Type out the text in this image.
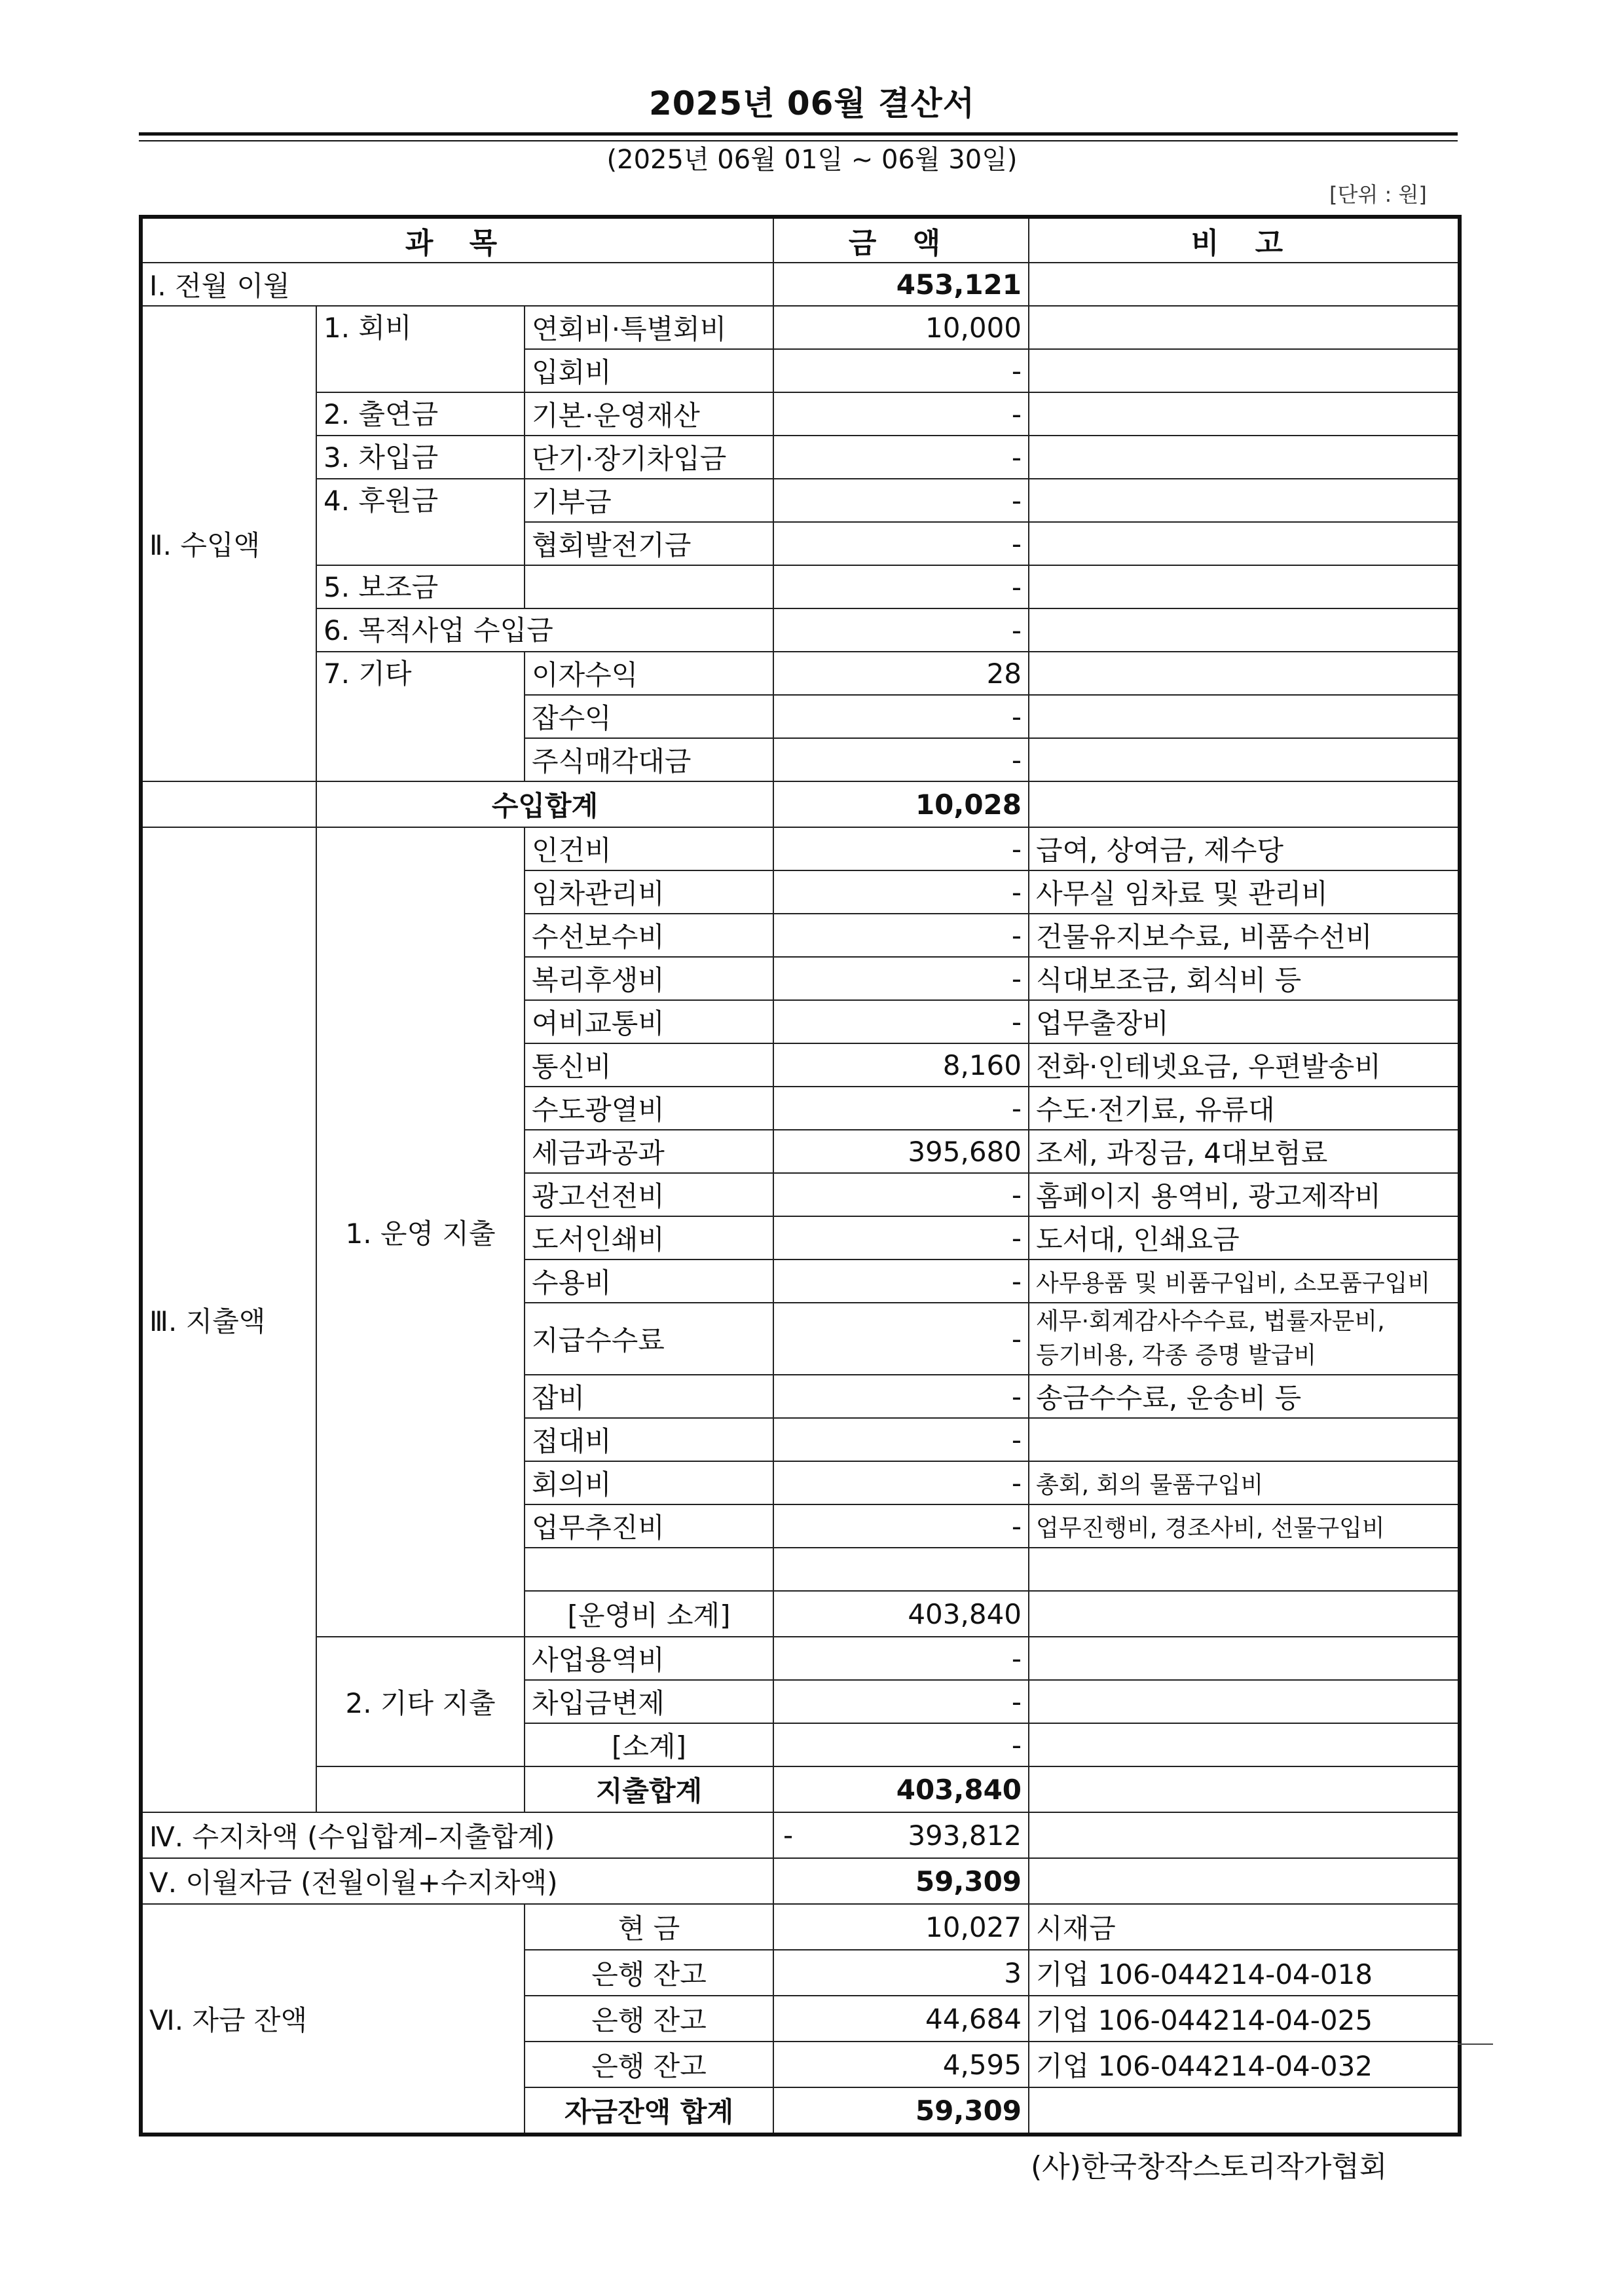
2025년 06월 결산서
(2025년 06월 01일 ~ 06월 30일)
[단위 : 원]
과 목			금 액	비 고
Ⅰ. 전월 이월			453,121	
Ⅱ. 수입액	1. 회비	연회비·특별회비	10,000	
		입회비	-	
	2. 출연금	기본·운영재산	-	
	3. 차입금	단기·장기차입금	-	
	4. 후원금	기부금	-	
		협회발전기금	-	
	5. 보조금		-	
	6. 목적사업 수입금		-	
	7. 기타	이자수익	28	
		잡수익	-	
		주식매각대금	-	
	수입합계		10,028	
Ⅲ. 지출액	1. 운영 지출	인건비	-	급여, 상여금, 제수당
		임차관리비	-	사무실 임차료 및 관리비
		수선보수비	-	건물유지보수료, 비품수선비
		복리후생비	-	식대보조금, 회식비 등
		여비교통비	-	업무출장비
		통신비	8,160	전화·인테넷요금, 우편발송비
		수도광열비	-	수도·전기료, 유류대
		세금과공과	395,680	조세, 과징금, 4대보험료
		광고선전비	-	홈페이지 용역비, 광고제작비
		도서인쇄비	-	도서대, 인쇄요금
		수용비	-	사무용품 및 비품구입비, 소모품구입비
		지급수수료	-	세무·회계감사수수료, 법률자문비,
등기비용, 각종 증명 발급비

		잡비	-	송금수수료, 운송비 등
		접대비	-	
		회의비	-	총회, 회의 물품구입비
		업무추진비	-	업무진행비, 경조사비, 선물구입비

		[운영비 소계]	403,840	
	2. 기타 지출	사업용역비	-	
		차입금변제	-	
		[소계]	-	
		지출합계	403,840	
Ⅳ. 수지차액 (수입합계–지출합계)			- 393,812	
Ⅴ. 이월자금 (전월이월+수지차액)			59,309	
Ⅵ. 자금 잔액		현 금	10,027	시재금
		은행 잔고	3	기업 106-044214-04-018
		은행 잔고	44,684	기업 106-044214-04-025
		은행 잔고	4,595	기업 106-044214-04-032
		자금잔액 합계	59,309	
(사)한국창작스토리작가협회
